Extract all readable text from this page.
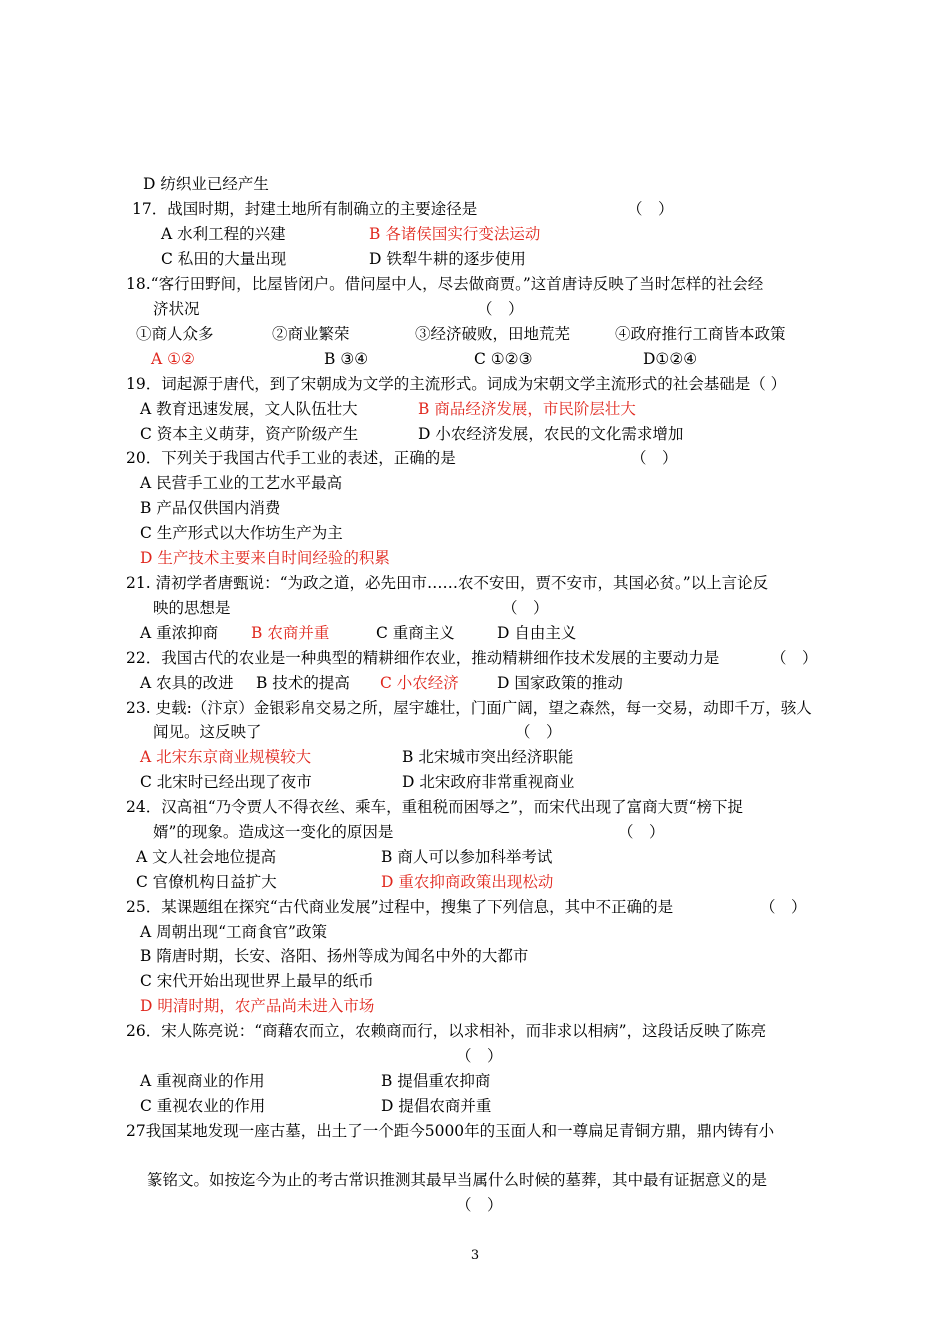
D 纺织业已经产生
17．战国时期，封建土地所有制确立的主要途径是	（　）
A 水利工程的兴建	B 各诸侯国实行变法运动
C 私田的大量出现	D 铁犁牛耕的逐步使用
18.“客行田野间，比屋皆闭户。借问屋中人，尽去做商贾。”这首唐诗反映了当时怎样的社会经
济状况	（　）
①商人众多	②商业繁荣	③经济破败，田地荒芜	④政府推行工商皆本政策
A ①②	B ③④	C ①②③	D①②④
19．词起源于唐代，到了宋朝成为文学的主流形式。词成为宋朝文学主流形式的社会基础是（ ）
A 教育迅速发展，文人队伍壮大	B 商品经济发展，市民阶层壮大
C 资本主义萌芽，资产阶级产生	D 小农经济发展，农民的文化需求增加
20．下列关于我国古代手工业的表述，正确的是	（　）
A 民营手工业的工艺水平最高
B 产品仅供国内消费
C 生产形式以大作坊生产为主
D 生产技术主要来自时间经验的积累
21. 清初学者唐甄说：“为政之道，必先田市……农不安田，贾不安市，其国必贫。”以上言论反
映的思想是	（　）
A 重浓抑商 B 农商并重	C 重商主义	D 自由主义
22．我国古代的农业是一种典型的精耕细作农业，推动精耕细作技术发展的主要动力是	（　）
A 农具的改进 B 技术的提高 C 小农经济 D 国家政策的推动
23. 史载:（汴京）金银彩帛交易之所，屋宇雄壮，门面广阔，望之森然，每一交易，动即千万，骇人
闻见。这反映了	（　）
A 北宋东京商业规模较大	B 北宋城市突出经济职能
C 北宋时已经出现了夜市	D 北宋政府非常重视商业
24．汉高祖“乃令贾人不得衣丝、乘车，重租税而困辱之”，而宋代出现了富商大贾“榜下捉
婿”的现象。造成这一变化的原因是	（　）
A 文人社会地位提高	B 商人可以参加科举考试
C 官僚机构日益扩大	D 重农抑商政策出现松动
25．某课题组在探究“古代商业发展”过程中，搜集了下列信息，其中不正确的是	（　）
A 周朝出现“工商食官”政策
B 隋唐时期，长安、洛阳、扬州等成为闻名中外的大都市
C 宋代开始出现世界上最早的纸币
D 明清时期，农产品尚未进入市场
26．宋人陈亮说：“商藉农而立，农赖商而行，以求相补，而非求以相病”，这段话反映了陈亮
（　）
A 重视商业的作用	B 提倡重农抑商
C 重视农业的作用	D 提倡农商并重
27我国某地发现一座古墓，出土了一个距今5000年的玉面人和一尊扁足青铜方鼎，鼎内铸有小
篆铭文。如按迄今为止的考古常识推测其最早当属什么时候的墓葬，其中最有证据意义的是
（　）
3
